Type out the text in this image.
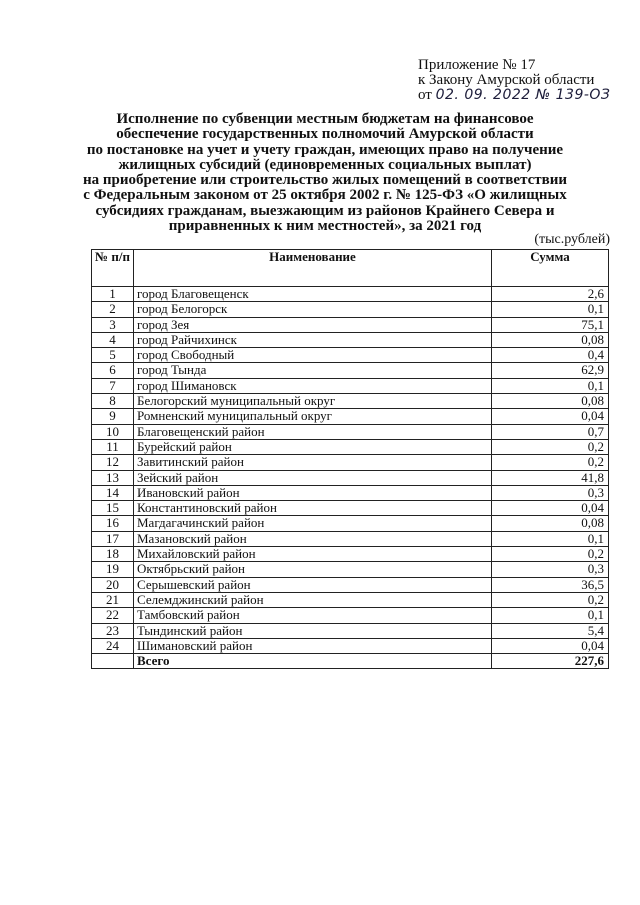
Приложение № 17
к Закону Амурской области
от 02. 09. 2022 № 139-ОЗ
Исполнение по субвенции местным бюджетам на финансовое
обеспечение государственных полномочий Амурской области
по постановке на учет и учету граждан, имеющих право на получение
жилищных субсидий (единовременных социальных выплат)
на приобретение или строительство жилых помещений в соответствии
с Федеральным законом от 25 октября 2002 г. № 125-ФЗ «О жилищных
субсидиях гражданам, выезжающим из районов Крайнего Севера и
приравненных к ним местностей», за 2021 год
(тыс.рублей)
№ п/п	Наименование	Сумма
1	город Благовещенск	2,6
2	город Белогорск	0,1
3	город Зея	75,1
4	город Райчихинск	0,08
5	город Свободный	0,4
6	город Тында	62,9
7	город Шимановск	0,1
8	Белогорский муниципальный округ	0,08
9	Ромненский муниципальный округ	0,04
10	Благовещенский район	0,7
11	Бурейский район	0,2
12	Завитинский район	0,2
13	Зейский район	41,8
14	Ивановский район	0,3
15	Константиновский район	0,04
16	Магдагачинский район	0,08
17	Мазановский район	0,1
18	Михайловский район	0,2
19	Октябрьский район	0,3
20	Серышевский район	36,5
21	Селемджинский район	0,2
22	Тамбовский район	0,1
23	Тындинский район	5,4
24	Шимановский район	0,04
	Всего	227,6
